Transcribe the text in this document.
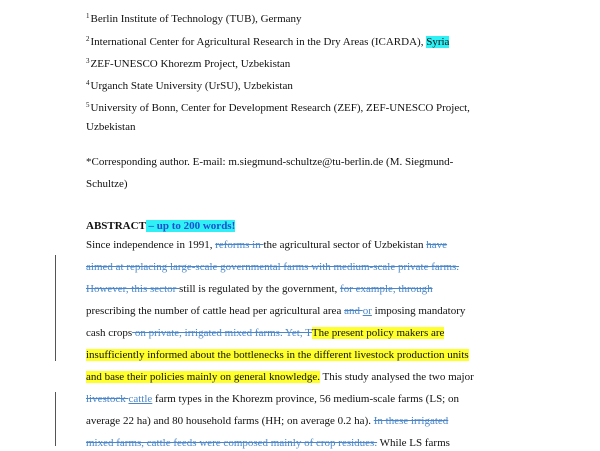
$^1$Berlin Institute of Technology (TUB), Germany
$^2$International Center for Agricultural Research in the Dry Areas (ICARDA), Syria
$^3$ZEF-UNESCO Khorezm Project, Uzbekistan
$^4$Urganch State University (UrSU), Uzbekistan
$^5$University of Bonn, Center for Development Research (ZEF), ZEF-UNESCO Project,
Uzbekistan
*Corresponding author. E-mail: m.siegmund-schultze@tu-berlin.de (M. Siegmund-
Schultze)
ABSTRACT – up to 200 words!
Since independence in 1991, reforms in the agricultural sector of Uzbekistan have
aimed at replacing large-scale governmental farms with medium-scale private farms.
However, this sector still is regulated by the government, for example, through
prescribing the number of cattle head per agricultural area and or imposing mandatory
cash crops on private, irrigated mixed farms. Yet, TThe present policy makers are
insufficiently informed about the bottlenecks in the different livestock production units
and base their policies mainly on general knowledge. This study analysed the two major
livestock cattle farm types in the Khorezm province, 56 medium-scale farms (LS; on
average 22 ha) and 80 household farms (HH; on average 0.2 ha). In these irrigated
mixed farms, cattle feeds were composed mainly of crop residues. While LS farms
